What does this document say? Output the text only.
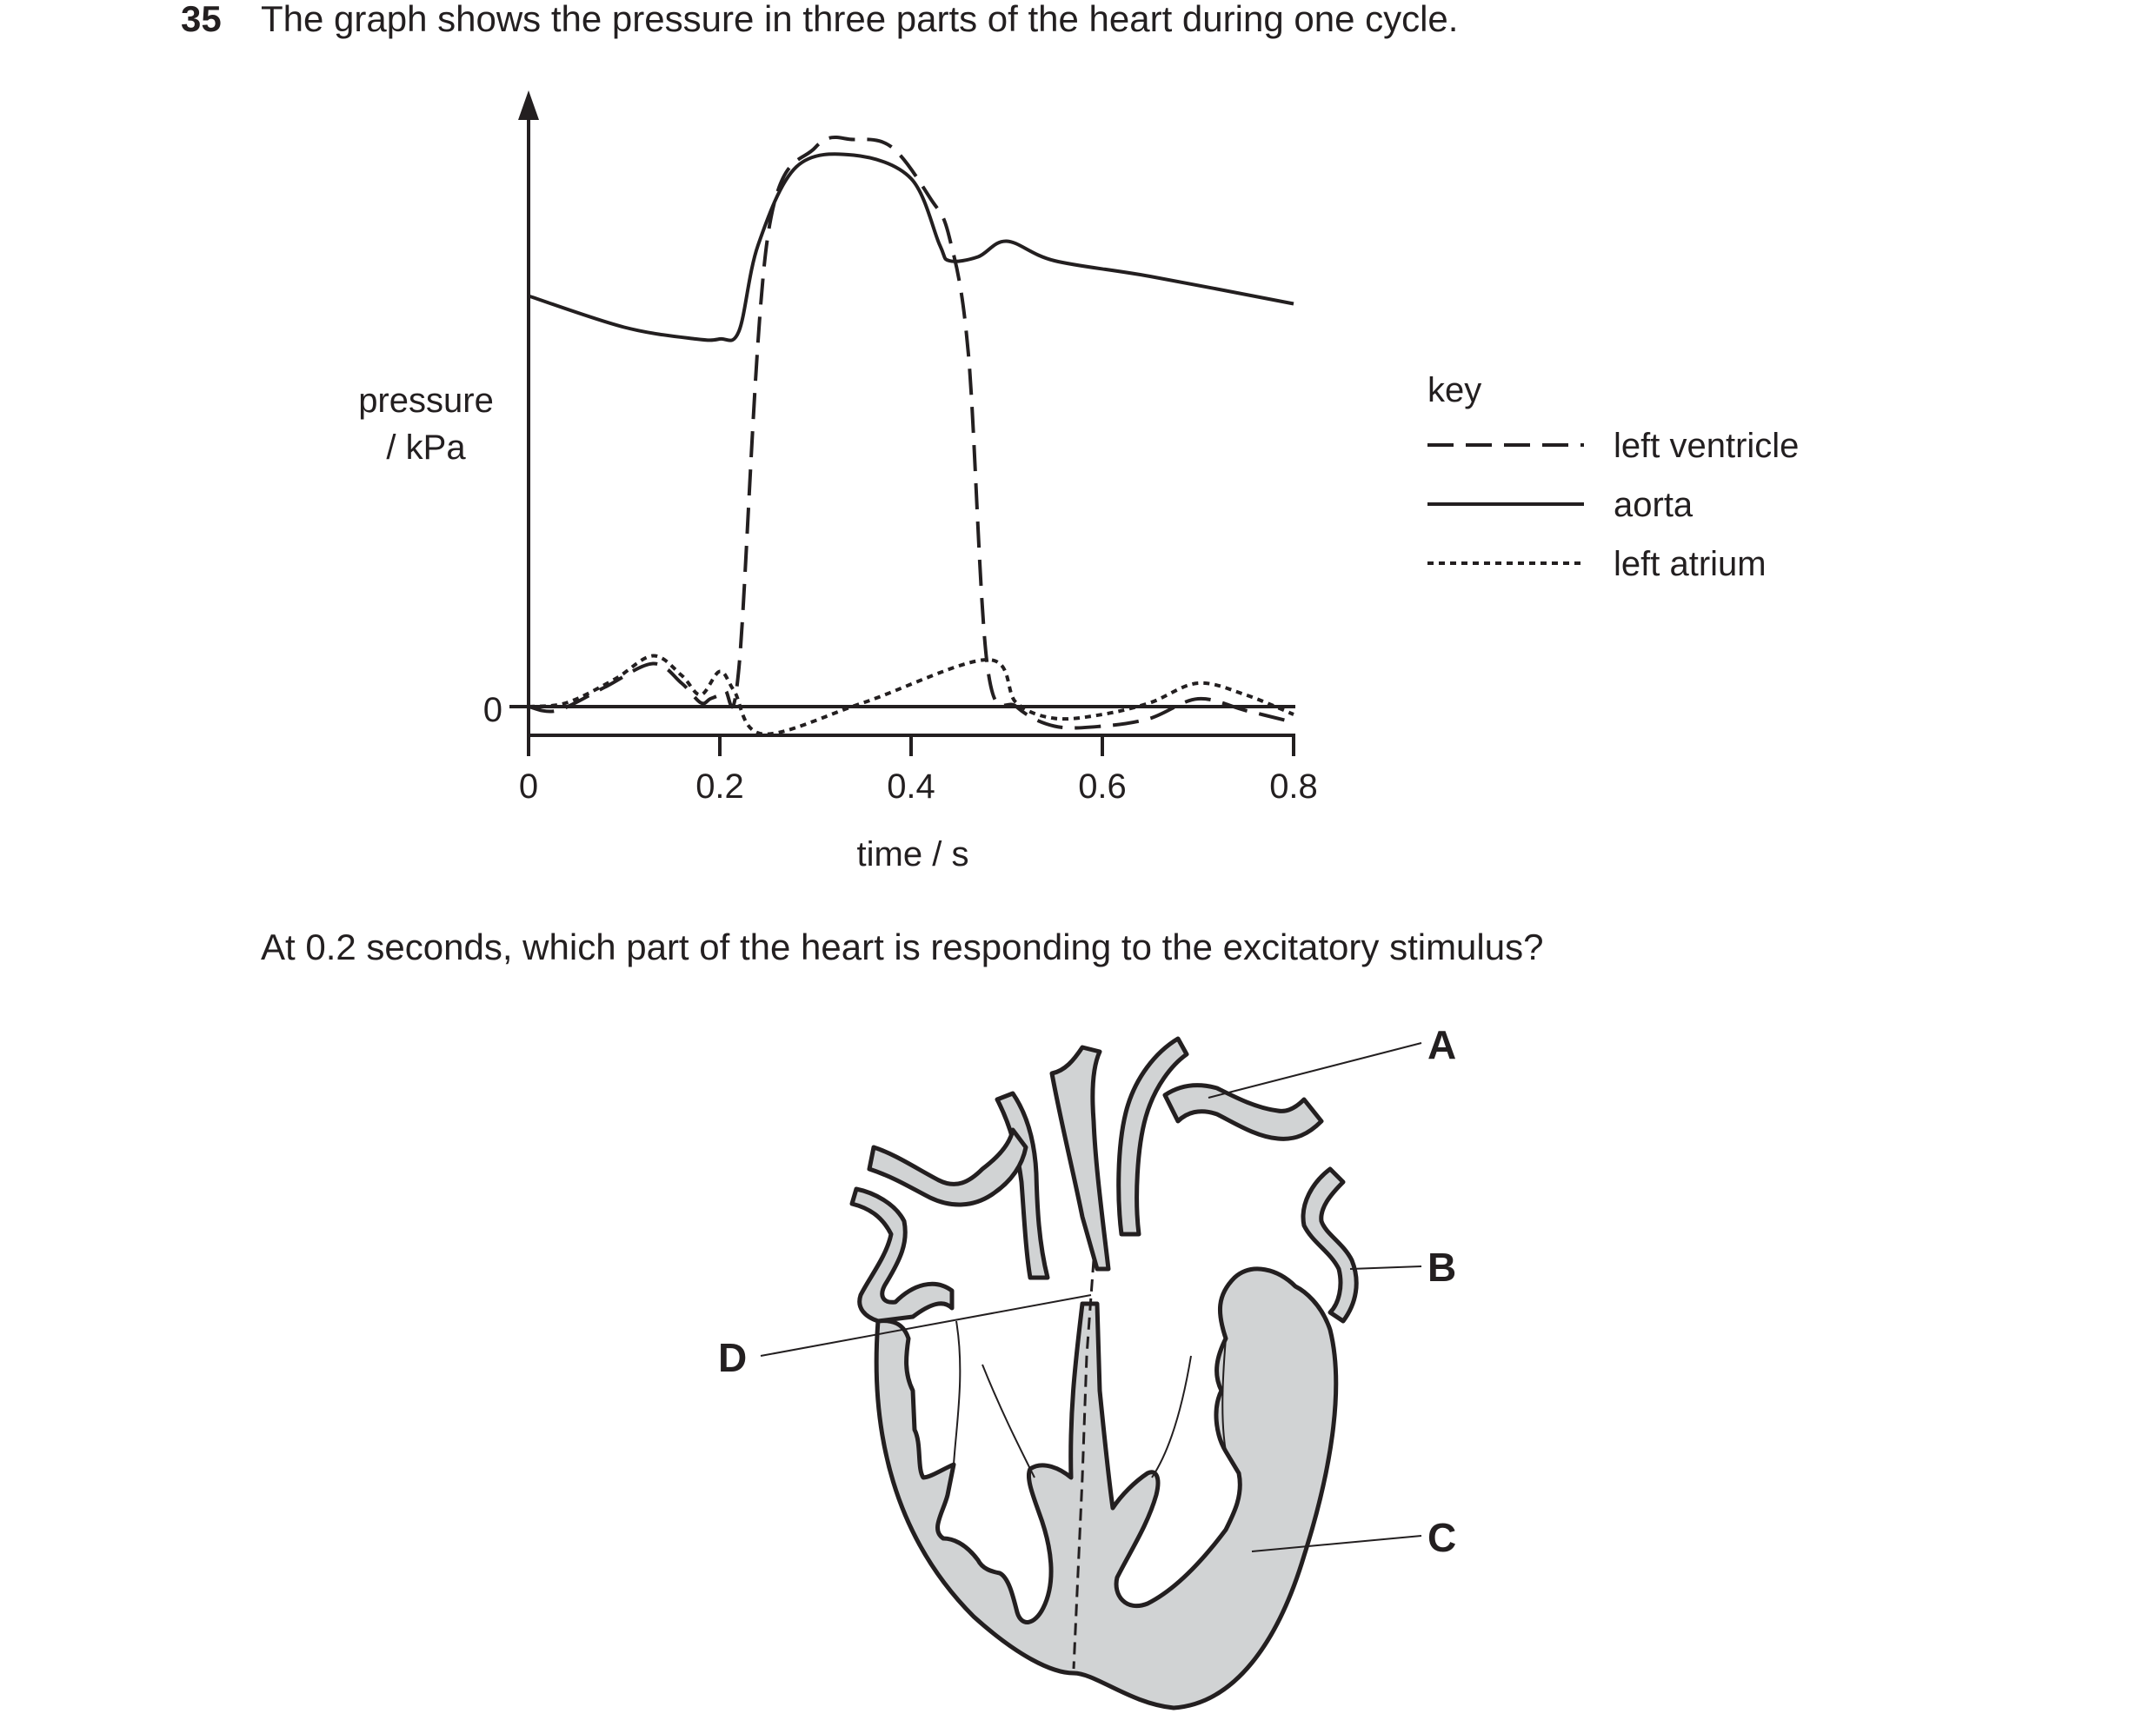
35 The graph shows the pressure in three parts of the heart during one cycle.
At 0.2 seconds, which part of the heart is responding to the excitatory stimulus?
0	0.2	0.4	0.6	0.8
0
pressure
/ kPa
time / s
key
left ventricle
aorta
left atrium
A
B
C
D
